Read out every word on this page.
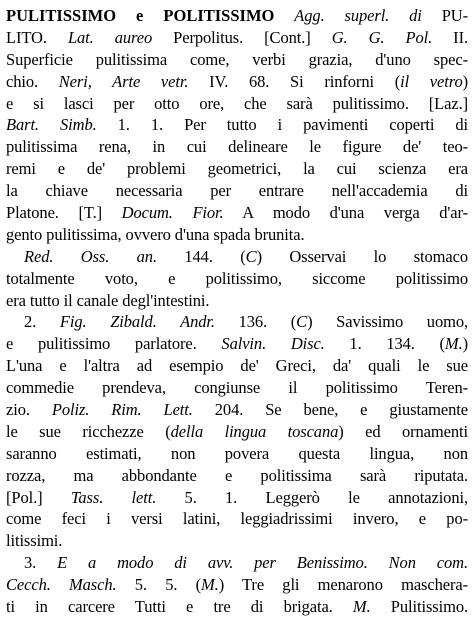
PULITISSIMO e POLITISSIMO Agg. superl. di PU-
LITO. Lat. aureo Perpolitus. [Cont.] G. G. Pol. II.
Superficie pulitissima come, verbi grazia, d'uno spec-
chio. Neri, Arte vetr. IV. 68. Si rinforni (il vetro)
e si lasci per otto ore, che sarà pulitissimo. [Laz.]
Bart. Simb. 1. 1. Per tutto i pavimenti coperti di
pulitissima rena, in cui delineare le figure de' teo-
remi e de' problemi geometrici, la cui scienza era
la chiave necessaria per entrare nell'accademia di
Platone. [T.] Docum. Fior. A modo d'una verga d'ar-
gento pulitissima, ovvero d'una spada brunita.
Red. Oss. an. 144. (C) Osservai lo stomaco
totalmente voto, e politissimo, siccome politissimo
era tutto il canale degl'intestini.
2. Fig. Zibald. Andr. 136. (C) Savissimo uomo,
e pulitissimo parlatore. Salvin. Disc. 1. 134. (M.)
L'una e l'altra ad esempio de' Greci, da' quali le sue
commedie prendeva, congiunse il politissimo Teren-
zio. Poliz. Rim. Lett. 204. Se bene, e giustamente
le sue ricchezze (della lingua toscana) ed ornamenti
saranno estimati, non povera questa lingua, non
rozza, ma abbondante e politissima sarà riputata.
[Pol.] Tass. lett. 5. 1. Leggerò le annotazioni,
come feci i versi latini, leggiadrissimi invero, e po-
litissimi.
3. E a modo di avv. per Benissimo. Non com.
Cecch. Masch. 5. 5. (M.) Tre gli menarono maschera-
ti in carcere Tutti e tre di brigata. M. Pulitissimo.
